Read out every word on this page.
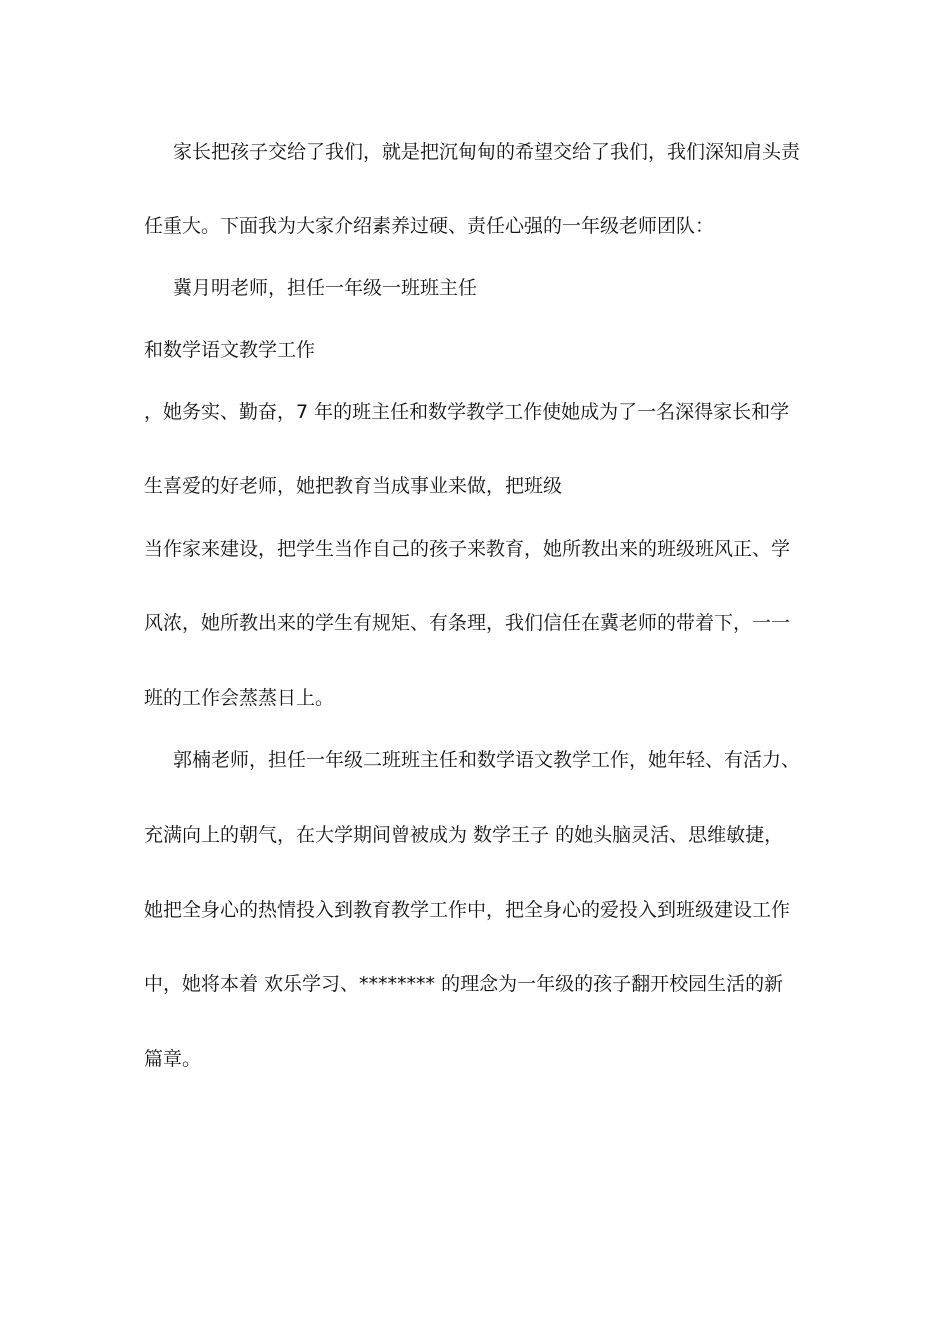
家长把孩子交给了我们，就是把沉甸甸的希望交给了我们，我们深知肩头责
任重大。下面我为大家介绍素养过硬、责任心强的一年级老师团队：
冀月明老师，担任一年级一班班主任
和数学语文教学工作
，她务实、勤奋，7 年的班主任和数学教学工作使她成为了一名深得家长和学
生喜爱的好老师，她把教育当成事业来做，把班级
当作家来建设，把学生当作自己的孩子来教育，她所教出来的班级班风正、学
风浓，她所教出来的学生有规矩、有条理，我们信任在冀老师的带着下，一一
班的工作会蒸蒸日上。
郭楠老师，担任一年级二班班主任和数学语文教学工作，她年轻、有活力、
充满向上的朝气，在大学期间曾被成为 数学王子 的她头脑灵活、思维敏捷，
她把全身心的热情投入到教育教学工作中，把全身心的爱投入到班级建设工作
中，她将本着 欢乐学习、******** 的理念为一年级的孩子翻开校园生活的新
篇章。
